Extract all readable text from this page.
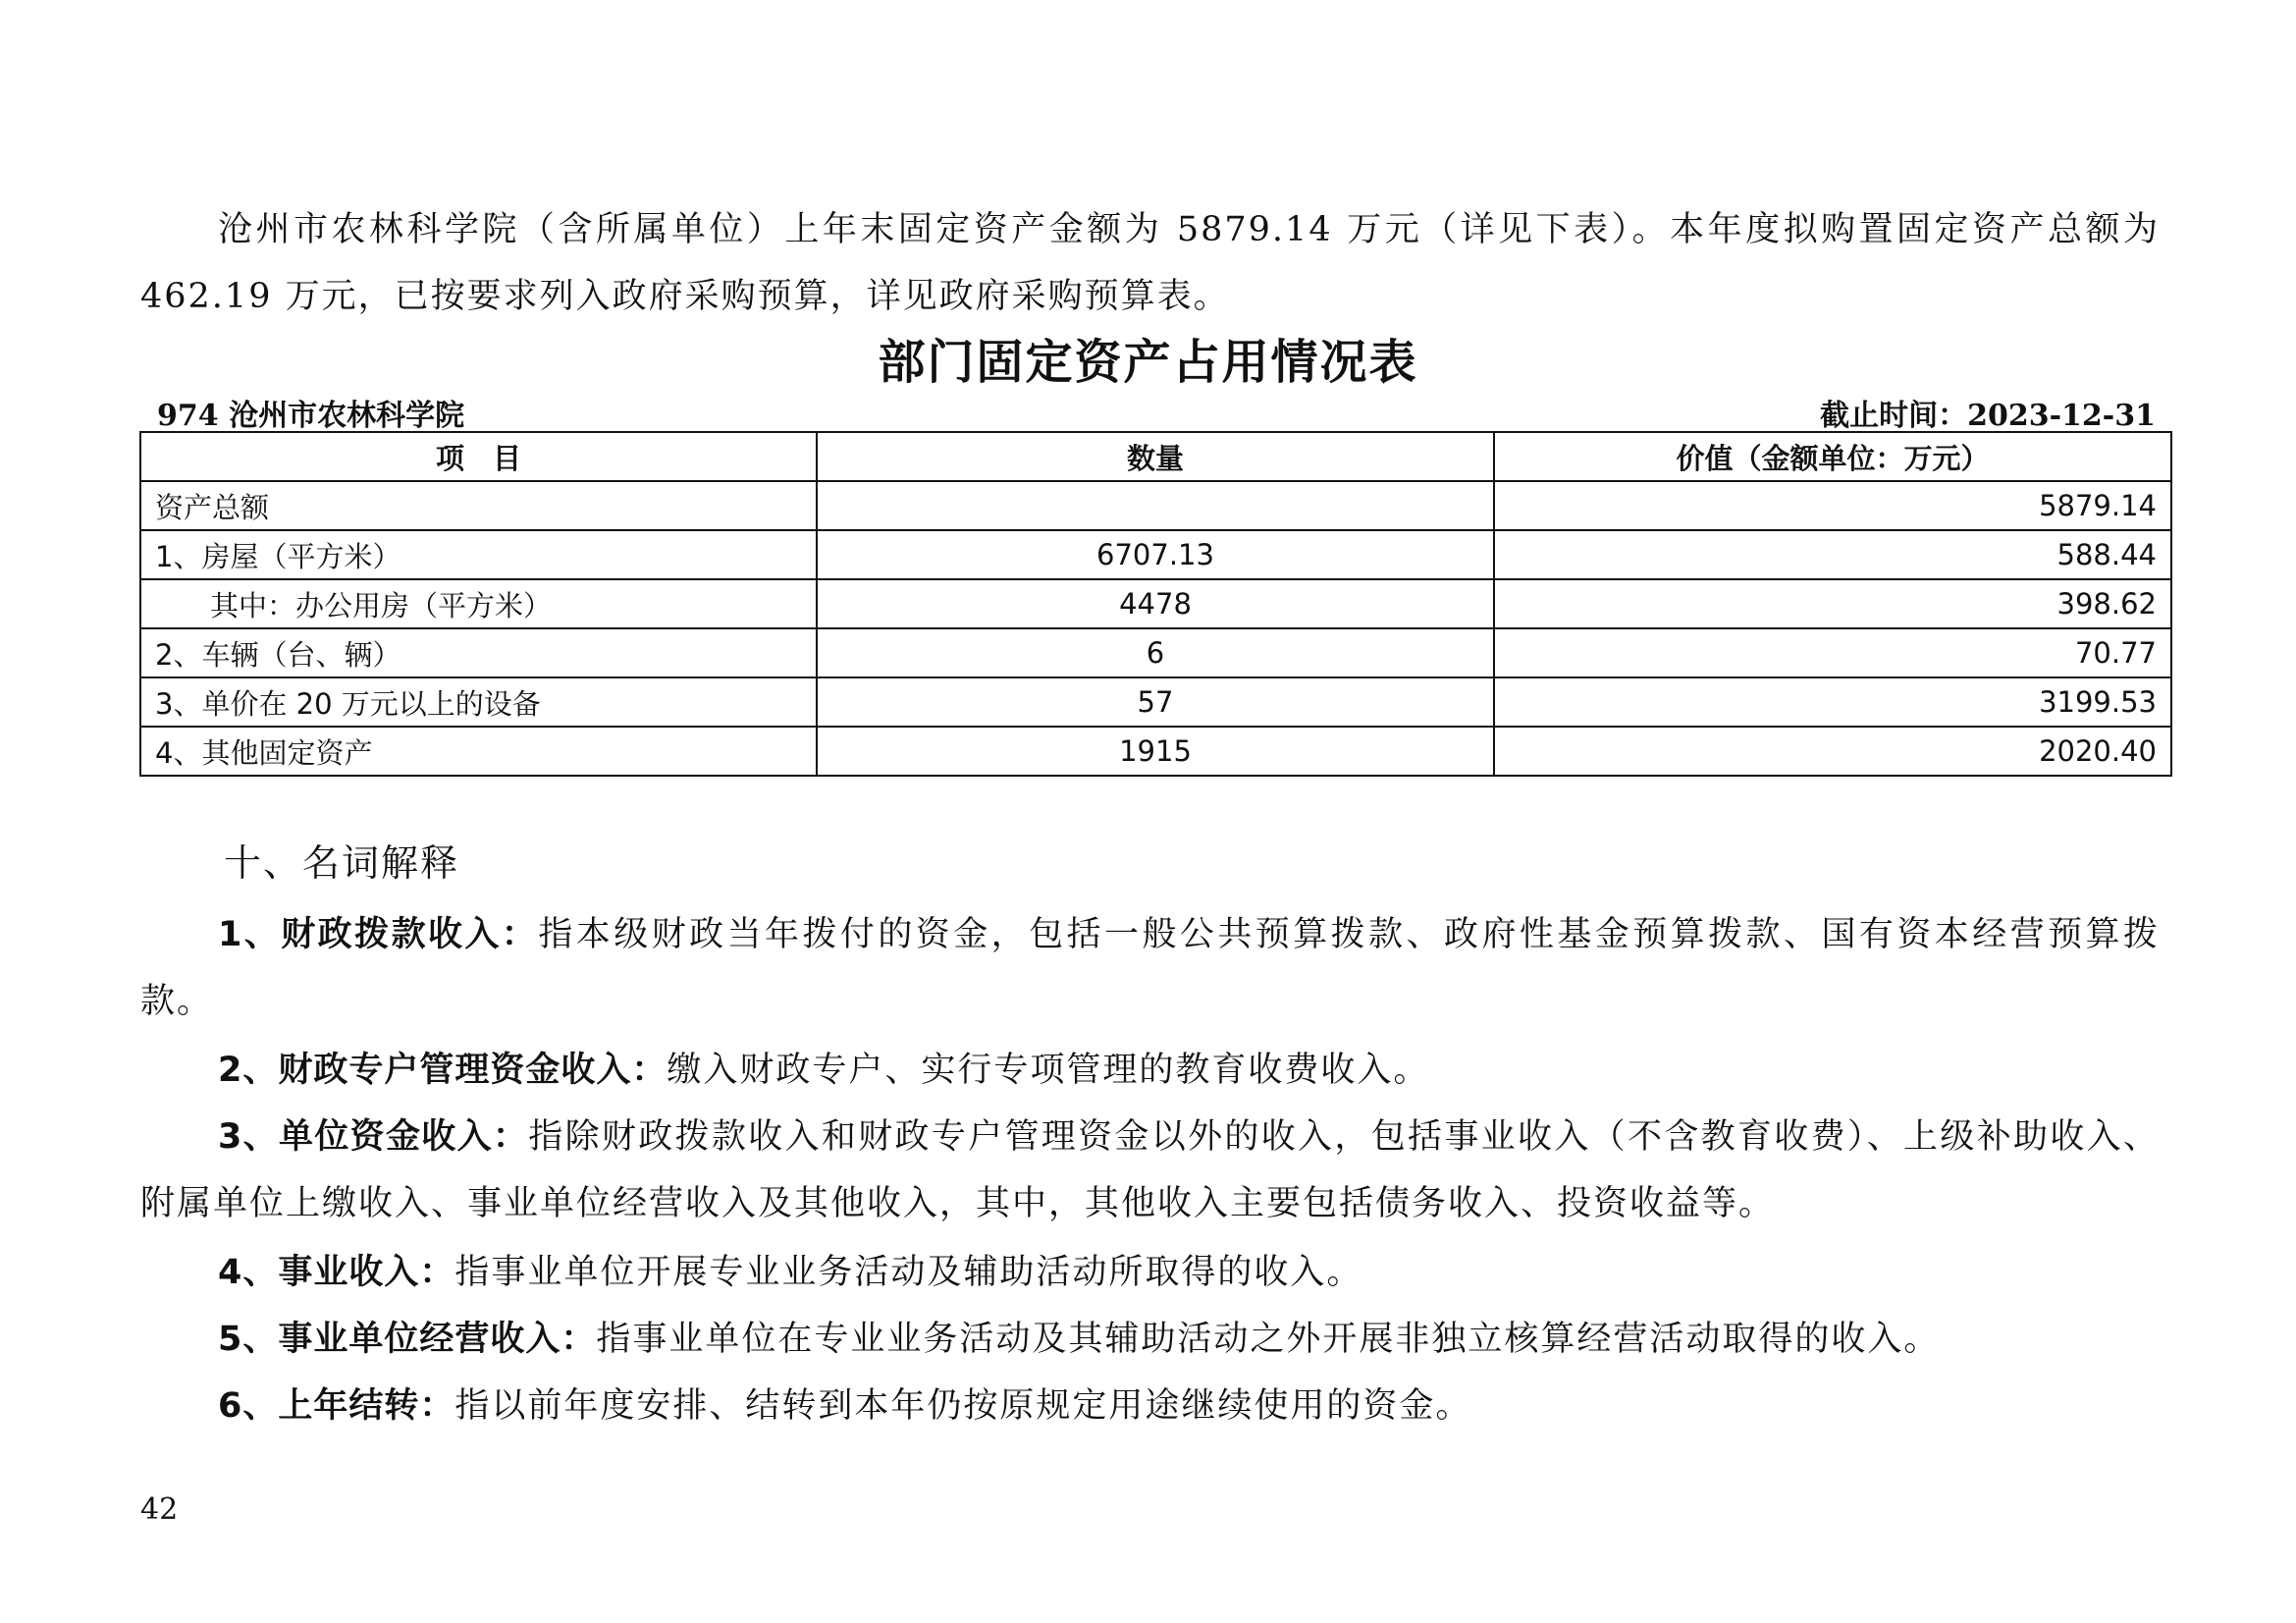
沧州市农林科学院（含所属单位）上年末固定资产金额为 5879.14 万元（详见下表）。本年度拟购置固定资产总额为 462.19 万元，已按要求列入政府采购预算，详见政府采购预算表。

部门固定资产占用情况表
974 沧州市农林科学院	截止时间：2023-12-31
项　目	数量	价值（金额单位：万元）
资产总额		5879.14
1、房屋（平方米）	6707.13	588.44
其中：办公用房（平方米）	4478	398.62
2、车辆（台、辆）	6	70.77
3、单价在 20 万元以上的设备	57	3199.53
4、其他固定资产	1915	2020.40
十、名词解释

1、财政拨款收入：指本级财政当年拨付的资金，包括一般公共预算拨款、政府性基金预算拨款、国有资本经营预算拨款。

2、财政专户管理资金收入：缴入财政专户、实行专项管理的教育收费收入。

3、单位资金收入：指除财政拨款收入和财政专户管理资金以外的收入，包括事业收入（不含教育收费）、上级补助收入、附属单位上缴收入、事业单位经营收入及其他收入，其中，其他收入主要包括债务收入、投资收益等。

4、事业收入：指事业单位开展专业业务活动及辅助活动所取得的收入。

5、事业单位经营收入：指事业单位在专业业务活动及其辅助活动之外开展非独立核算经营活动取得的收入。

6、上年结转：指以前年度安排、结转到本年仍按原规定用途继续使用的资金。

42
